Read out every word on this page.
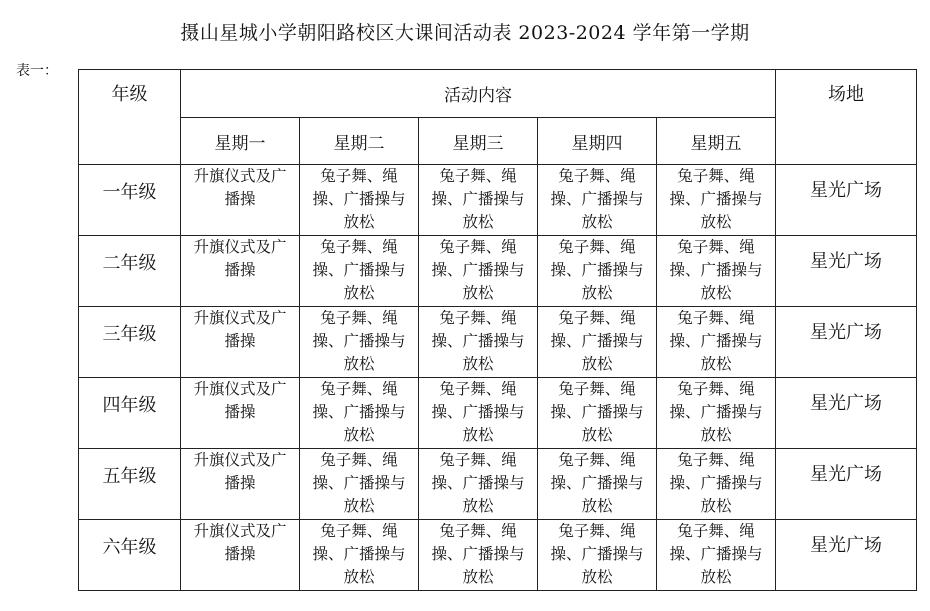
摄山星城小学朝阳路校区大课间活动表 2023-2024 学年第一学期
表一：
年级	活动内容					场地
	星期一	星期二	星期三	星期四	星期五	
一年级	升旗仪式及广播操	兔子舞、绳操、广播操与放松	兔子舞、绳操、广播操与放松	兔子舞、绳操、广播操与放松	兔子舞、绳操、广播操与放松	星光广场
二年级	升旗仪式及广播操	兔子舞、绳操、广播操与放松	兔子舞、绳操、广播操与放松	兔子舞、绳操、广播操与放松	兔子舞、绳操、广播操与放松	星光广场
三年级	升旗仪式及广播操	兔子舞、绳操、广播操与放松	兔子舞、绳操、广播操与放松	兔子舞、绳操、广播操与放松	兔子舞、绳操、广播操与放松	星光广场
四年级	升旗仪式及广播操	兔子舞、绳操、广播操与放松	兔子舞、绳操、广播操与放松	兔子舞、绳操、广播操与放松	兔子舞、绳操、广播操与放松	星光广场
五年级	升旗仪式及广播操	兔子舞、绳操、广播操与放松	兔子舞、绳操、广播操与放松	兔子舞、绳操、广播操与放松	兔子舞、绳操、广播操与放松	星光广场
六年级	升旗仪式及广播操	兔子舞、绳操、广播操与放松	兔子舞、绳操、广播操与放松	兔子舞、绳操、广播操与放松	兔子舞、绳操、广播操与放松	星光广场
